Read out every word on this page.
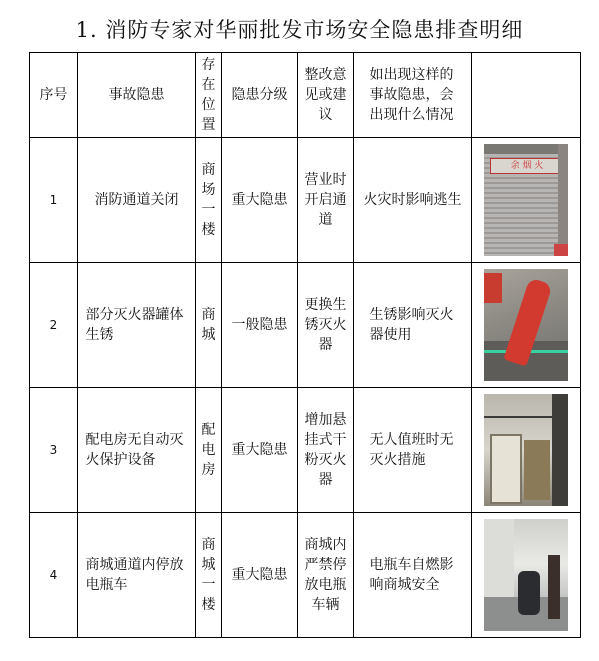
1. 消防专家对华丽批发市场安全隐患排查明细
序号	事故隐患	存在位置	隐患分级	整改意见或建议	如出现这样的事故隐患，会出现什么情况	
1	消防通道关闭	商场一楼	重大隐患	营业时开启通道	火灾时影响逃生	余 烟 火

2	部分灭火器罐体生锈	商城	一般隐患	更换生锈灭火器	生锈影响灭火器使用	

3	配电房无自动灭火保护设备	配电房	重大隐患	增加悬挂式干粉灭火器	无人值班时无灭火措施	

4	商城通道内停放电瓶车	商城一楼	重大隐患	商城内严禁停放电瓶车辆	电瓶车自燃影响商城安全	
